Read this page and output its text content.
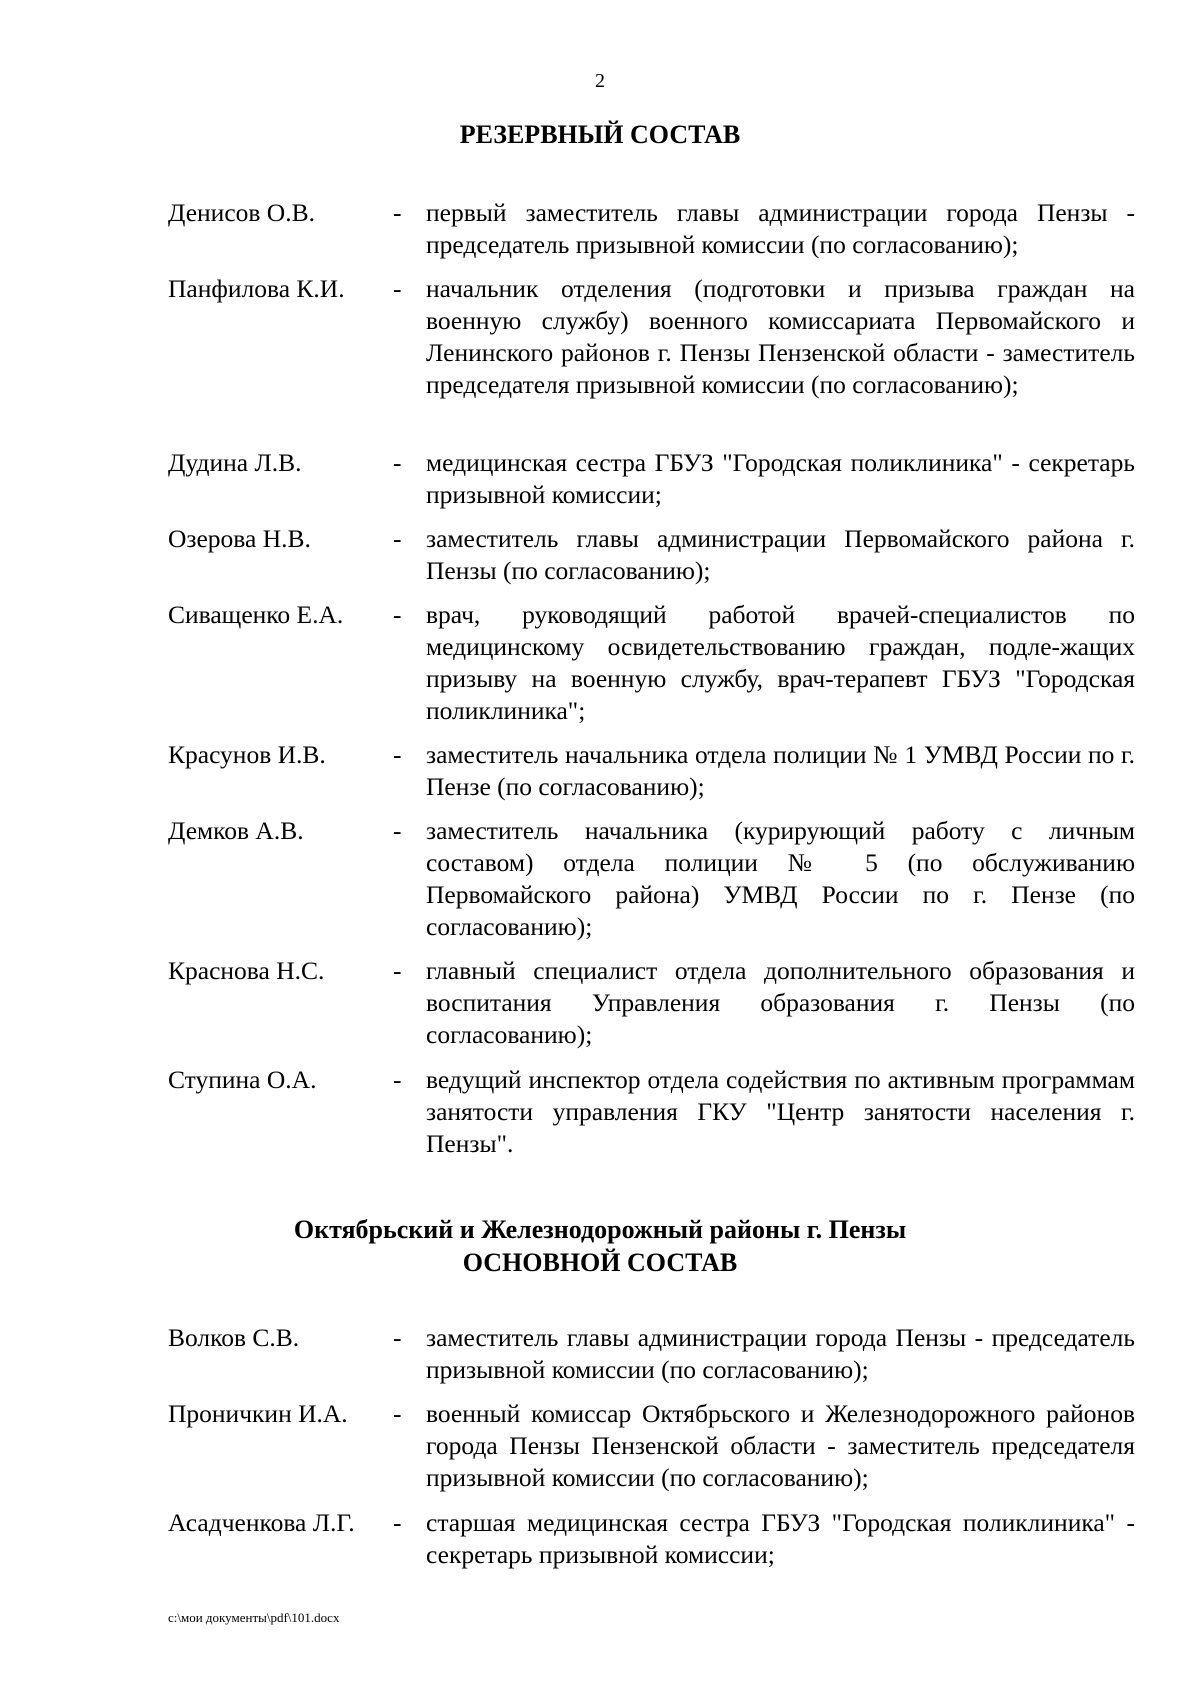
2
РЕЗЕРВНЫЙ СОСТАВ
Денисов О.В.	- первый заместитель главы администрации города Пензы - председатель призывной комиссии (по согласованию);
Панфилова К.И.	- начальник отделения (подготовки и призыва граждан на военную службу) военного комиссариата Первомайского и Ленинского районов г. Пензы Пензенской области - заместитель председателя призывной комиссии (по согласованию);
Дудина Л.В.	- медицинская сестра ГБУЗ "Городская поликлиника" - секретарь призывной комиссии;
Озерова Н.В.	- заместитель главы администрации Первомайского района г. Пензы (по согласованию);
Сиващенко Е.А.	- врач, руководящий работой врачей-специалистов по медицинскому освидетельствованию граждан, подле-жащих призыву на военную службу, врач-терапевт ГБУЗ "Городская поликлиника";
Красунов И.В.	- заместитель начальника отдела полиции № 1 УМВД России по г. Пензе (по согласованию);
Демков А.В.	- заместитель начальника (курирующий работу с личным составом) отдела полиции № 5 (по обслуживанию Первомайского района) УМВД России по г. Пензе (по согласованию);
Краснова Н.С.	- главный специалист отдела дополнительного образования и воспитания Управления образования г. Пензы (по согласованию);
Ступина О.А.	- ведущий инспектор отдела содействия по активным программам занятости управления ГКУ "Центр занятости населения г. Пензы".
Октябрьский и Железнодорожный районы г. Пензы
ОСНОВНОЙ СОСТАВ
Волков С.В.	- заместитель главы администрации города Пензы - председатель призывной комиссии (по согласованию);
Проничкин И.А.	- военный комиссар Октябрьского и Железнодорожного районов города Пензы Пензенской области - заместитель председателя призывной комиссии (по согласованию);
Асадченкова Л.Г.	- старшая медицинская сестра ГБУЗ "Городская поликлиника" - секретарь призывной комиссии;
c:\мои документы\pdf\101.docx
